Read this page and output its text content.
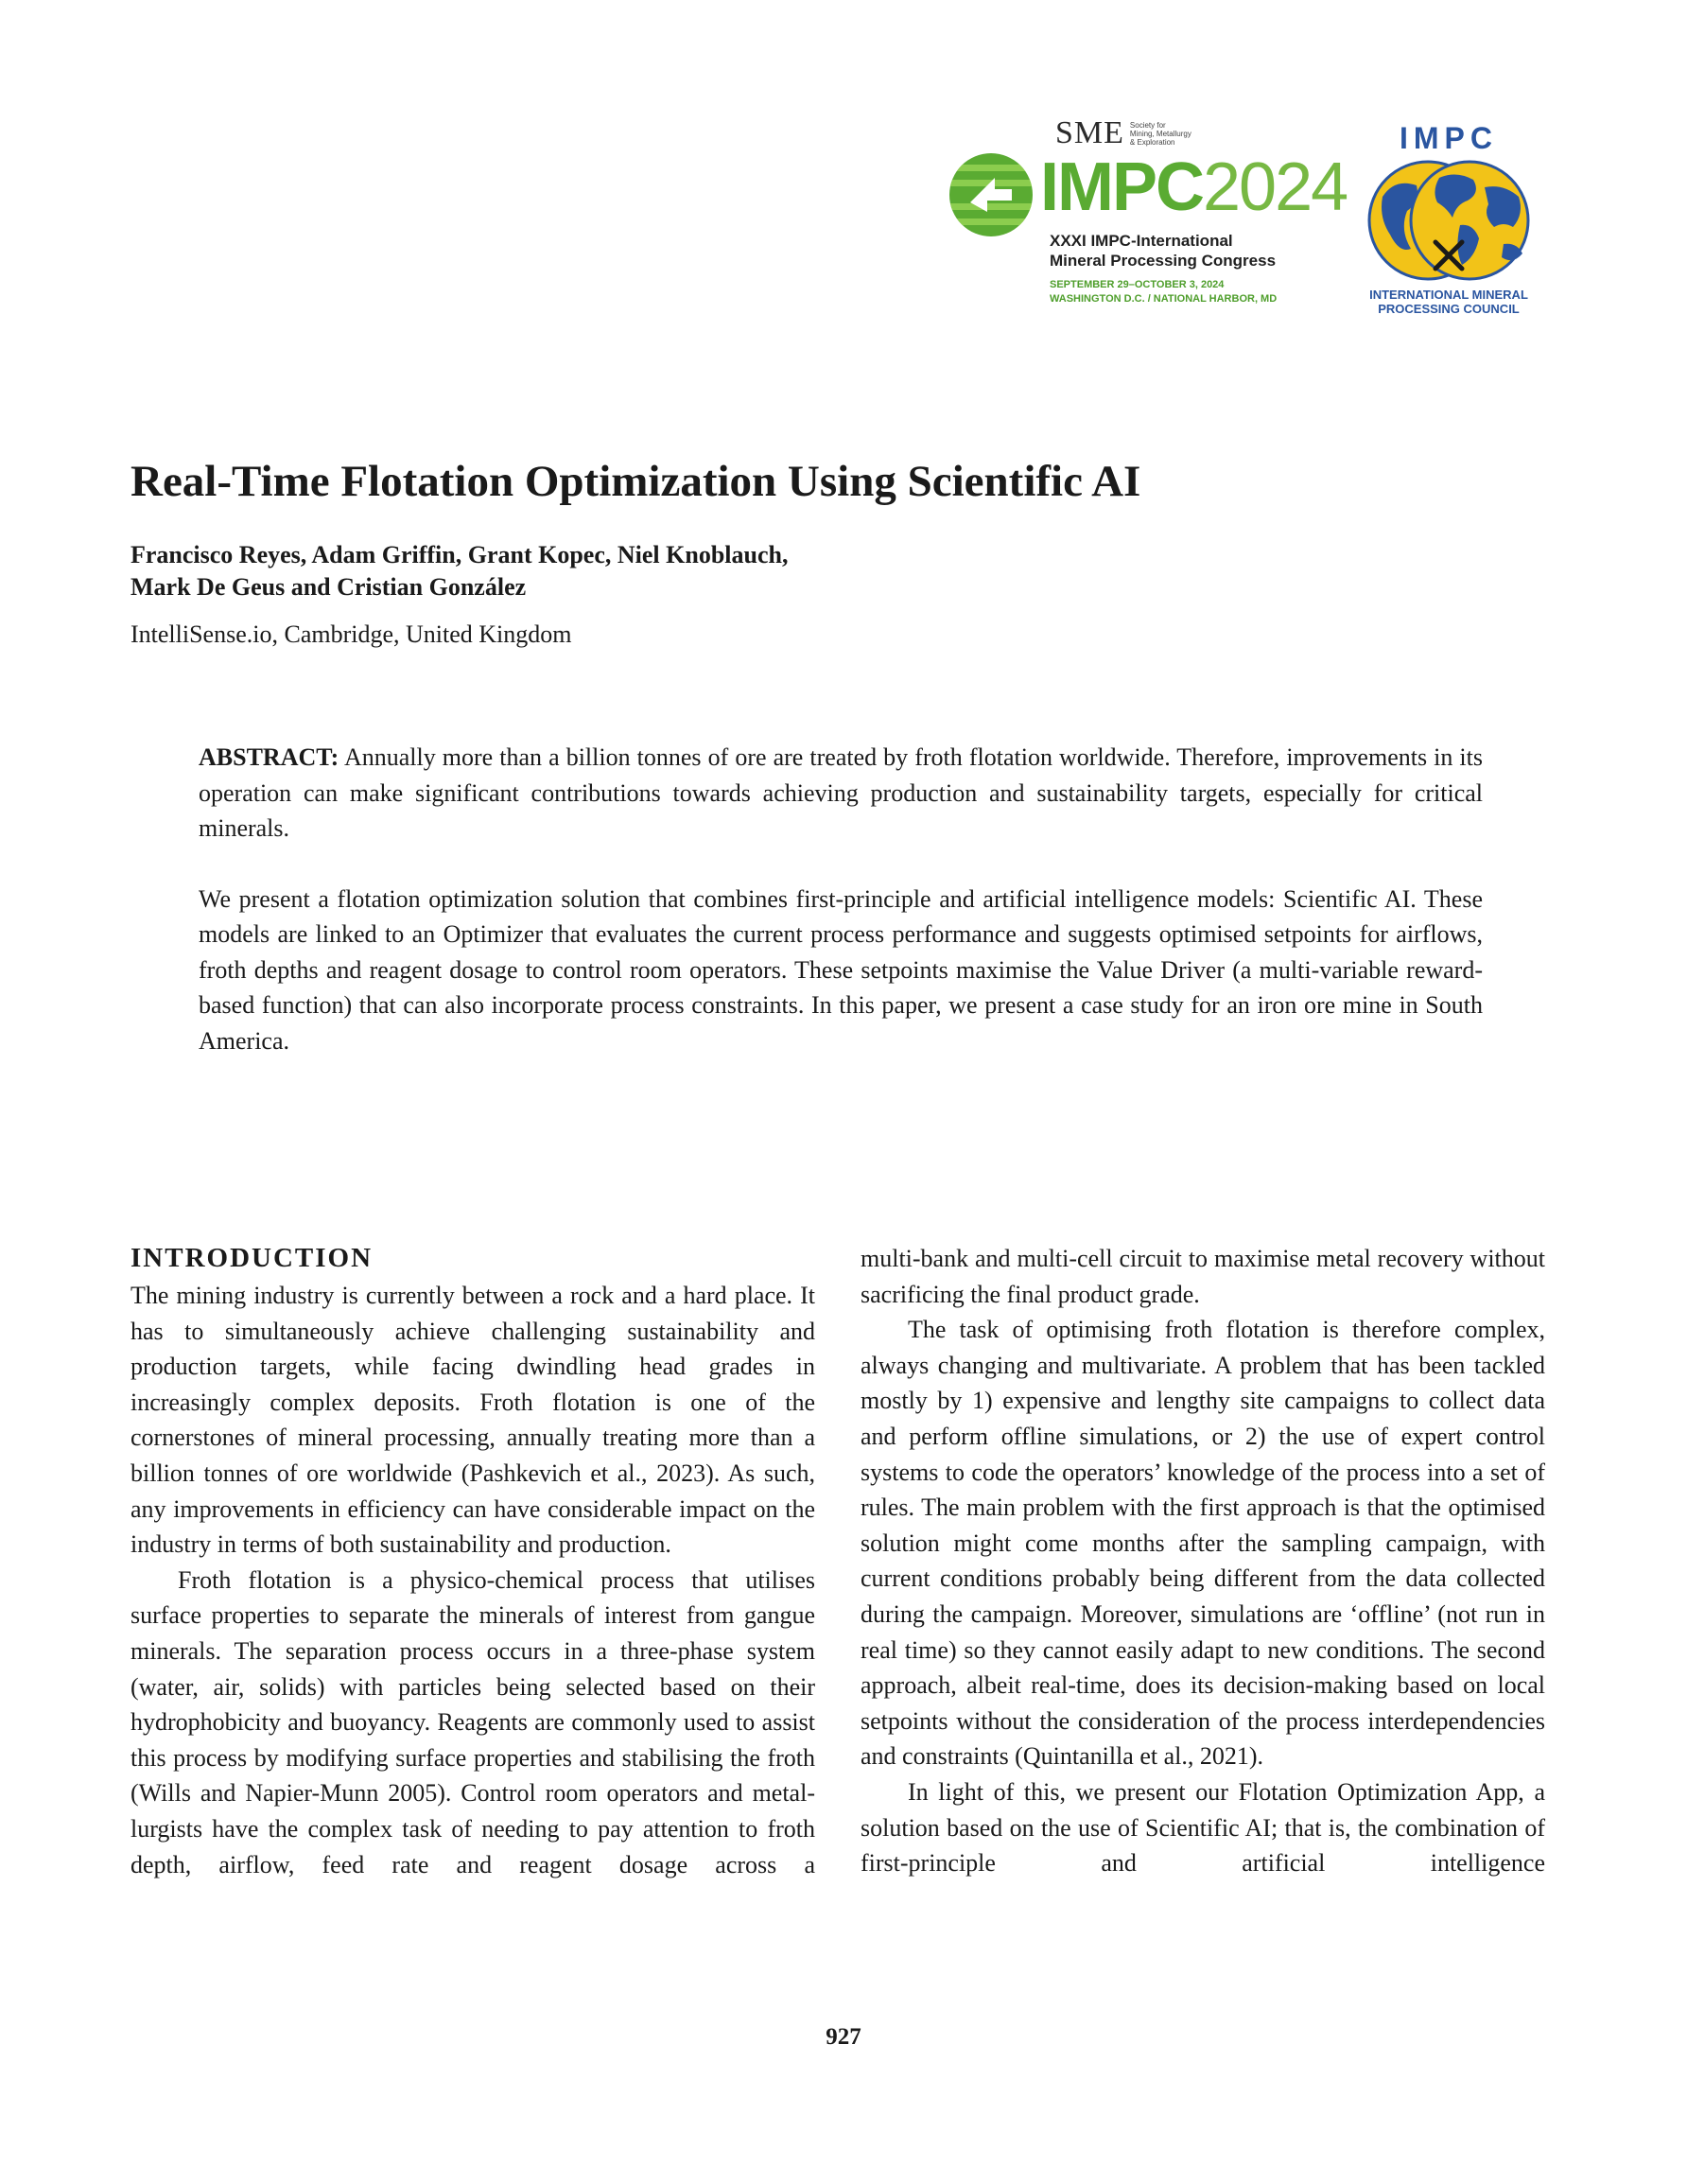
SME Society for
Mining, Metallurgy
& Exploration
IMPC2024
XXXI IMPC-International
Mineral Processing Congress
SEPTEMBER 29–OCTOBER 3, 2024
WASHINGTON D.C. / NATIONAL HARBOR, MD
IMPC
INTERNATIONAL MINERAL
PROCESSING COUNCIL
Real-Time Flotation Optimization Using Scientific AI
Francisco Reyes, Adam Griffin, Grant Kopec, Niel Knoblauch,
Mark De Geus and Cristian González
IntelliSense.io, Cambridge, United Kingdom

ABSTRACT: Annually more than a billion tonnes of ore are treated by froth flotation worldwide. Therefore, improvements in its operation can make significant contributions towards achieving production and sustainability targets, especially for critical minerals.

We present a flotation optimization solution that combines first-principle and artificial intelligence models: Scientific AI. These models are linked to an Optimizer that evaluates the current process performance and suggests optimised setpoints for airflows, froth depths and reagent dosage to control room operators. These setpoints maximise the Value Driver (a multi-variable reward-based function) that can also incorporate process constraints. In this paper, we present a case study for an iron ore mine in South America.

INTRODUCTION

The mining industry is currently between a rock and a hard place. It has to simultaneously achieve challenging sustainability and production targets, while facing dwindling head grades in increasingly complex deposits. Froth flotation is one of the cornerstones of mineral processing, annually treating more than a billion tonnes of ore worldwide (Pashkevich et al., 2023). As such, any improvements in efficiency can have considerable impact on the industry in terms of both sustainability and production.

Froth flotation is a physico-chemical process that utilises surface properties to separate the minerals of interest from gangue minerals. The separation process occurs in a three-phase system (water, air, solids) with particles being selected based on their hydrophobicity and buoyancy. Reagents are commonly used to assist this process by modifying surface properties and stabilising the froth (Wills and Napier-Munn 2005). Control room operators and metallurgists have the complex task of needing to pay attention to froth depth, airflow, feed rate and reagent dosage across a

multi-bank and multi-cell circuit to maximise metal recovery without sacrificing the final product grade.

The task of optimising froth flotation is therefore complex, always changing and multivariate. A problem that has been tackled mostly by 1) expensive and lengthy site campaigns to collect data and perform offline simulations, or 2) the use of expert control systems to code the operators’ knowledge of the process into a set of rules. The main problem with the first approach is that the optimised solution might come months after the sampling campaign, with current conditions probably being different from the data collected during the campaign. Moreover, simulations are ‘offline’ (not run in real time) so they cannot easily adapt to new conditions. The second approach, albeit real-time, does its decision-making based on local setpoints without the consideration of the process interdependencies and constraints (Quintanilla et al., 2021).

In light of this, we present our Flotation Optimization App, a solution based on the use of Scientific AI; that is, the combination of first-principle and artificial intelligence

927
